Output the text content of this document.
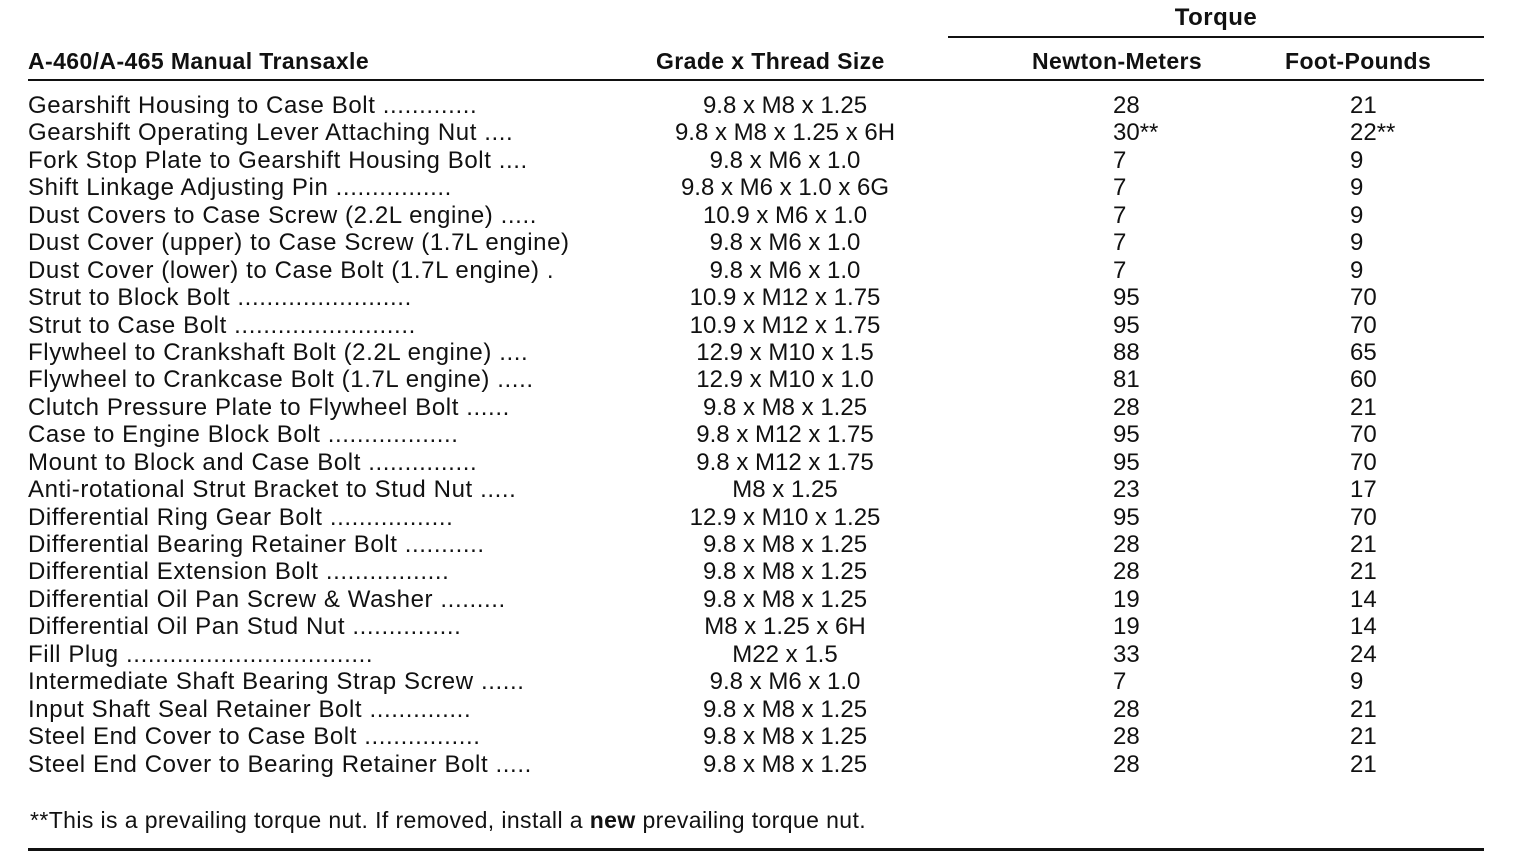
Torque
A-460/A-465 Manual Transaxle	Grade x Thread Size	Newton-Meters	Foot-Pounds
Gearshift Housing to Case Bolt .............	9.8 x M8 x 1.25	28	21
Gearshift Operating Lever Attaching Nut ....	9.8 x M8 x 1.25 x 6H	30**	22**
Fork Stop Plate to Gearshift Housing Bolt ....	9.8 x M6 x 1.0	7	9
Shift Linkage Adjusting Pin ................	9.8 x M6 x 1.0 x 6G	7	9
Dust Covers to Case Screw (2.2L engine) .....	10.9 x M6 x 1.0	7	9
Dust Cover (upper) to Case Screw (1.7L engine)	9.8 x M6 x 1.0	7	9
Dust Cover (lower) to Case Bolt (1.7L engine) .	9.8 x M6 x 1.0	7	9
Strut to Block Bolt ........................	10.9 x M12 x 1.75	95	70
Strut to Case Bolt .........................	10.9 x M12 x 1.75	95	70
Flywheel to Crankshaft Bolt (2.2L engine) ....	12.9 x M10 x 1.5	88	65
Flywheel to Crankcase Bolt (1.7L engine) .....	12.9 x M10 x 1.0	81	60
Clutch Pressure Plate to Flywheel Bolt ......	9.8 x M8 x 1.25	28	21
Case to Engine Block Bolt ..................	9.8 x M12 x 1.75	95	70
Mount to Block and Case Bolt ...............	9.8 x M12 x 1.75	95	70
Anti-rotational Strut Bracket to Stud Nut .....	M8 x 1.25	23	17
Differential Ring Gear Bolt .................	12.9 x M10 x 1.25	95	70
Differential Bearing Retainer Bolt ...........	9.8 x M8 x 1.25	28	21
Differential Extension Bolt .................	9.8 x M8 x 1.25	28	21
Differential Oil Pan Screw & Washer .........	9.8 x M8 x 1.25	19	14
Differential Oil Pan Stud Nut ...............	M8 x 1.25 x 6H	19	14
Fill Plug ..................................	M22 x 1.5	33	24
Intermediate Shaft Bearing Strap Screw ......	9.8 x M6 x 1.0	7	9
Input Shaft Seal Retainer Bolt ..............	9.8 x M8 x 1.25	28	21
Steel End Cover to Case Bolt ................	9.8 x M8 x 1.25	28	21
Steel End Cover to Bearing Retainer Bolt .....	9.8 x M8 x 1.25	28	21
**This is a prevailing torque nut. If removed, install a new prevailing torque nut.
